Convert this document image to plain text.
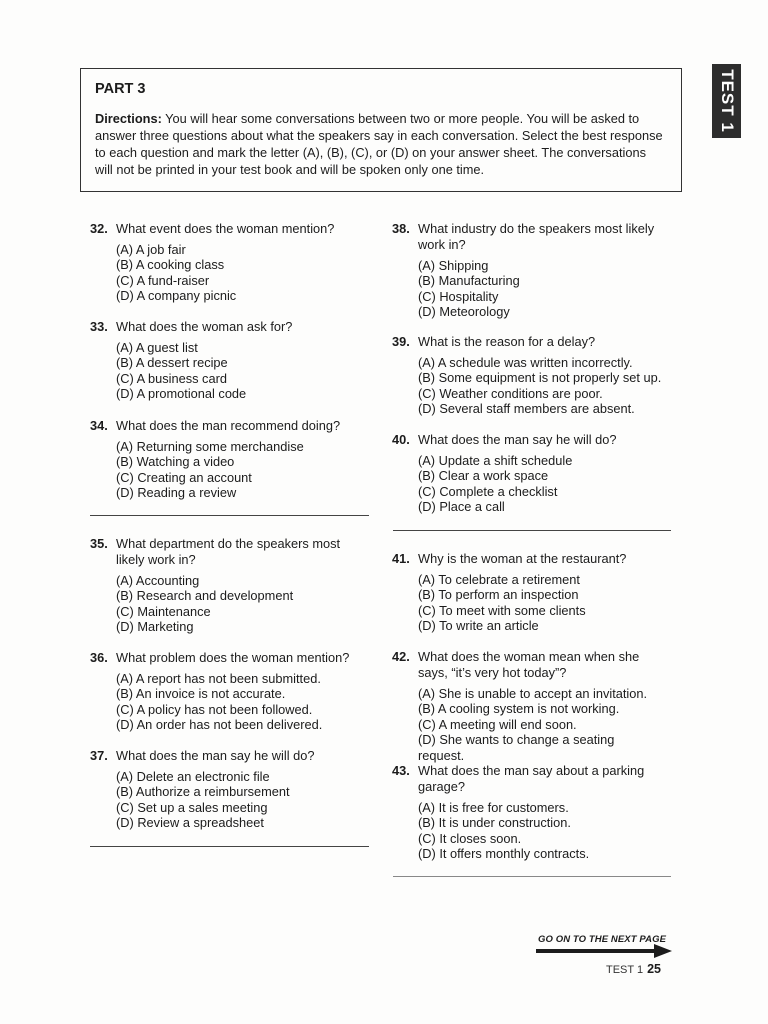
PART 3

Directions: You will hear some conversations between two or more people. You will be asked to answer three questions about what the speakers say in each conversation. Select the best response to each question and mark the letter (A), (B), (C), or (D) on your answer sheet. The conversations will not be printed in your test book and will be spoken only one time.

TEST 1
32. What event does the woman mention?
(A) A job fair
(B) A cooking class
(C) A fund-raiser
(D) A company picnic
33. What does the woman ask for?
(A) A guest list
(B) A dessert recipe
(C) A business card
(D) A promotional code
34. What does the man recommend doing?
(A) Returning some merchandise
(B) Watching a video
(C) Creating an account
(D) Reading a review
35. What department do the speakers most likely work in?
(A) Accounting
(B) Research and development
(C) Maintenance
(D) Marketing
36. What problem does the woman mention?
(A) A report has not been submitted.
(B) An invoice is not accurate.
(C) A policy has not been followed.
(D) An order has not been delivered.
37. What does the man say he will do?
(A) Delete an electronic file
(B) Authorize a reimbursement
(C) Set up a sales meeting
(D) Review a spreadsheet
38. What industry do the speakers most likely work in?
(A) Shipping
(B) Manufacturing
(C) Hospitality
(D) Meteorology
39. What is the reason for a delay?
(A) A schedule was written incorrectly.
(B) Some equipment is not properly set up.
(C) Weather conditions are poor.
(D) Several staff members are absent.
40. What does the man say he will do?
(A) Update a shift schedule
(B) Clear a work space
(C) Complete a checklist
(D) Place a call
41. Why is the woman at the restaurant?
(A) To celebrate a retirement
(B) To perform an inspection
(C) To meet with some clients
(D) To write an article
42. What does the woman mean when she says, “it’s very hot today”?
(A) She is unable to accept an invitation.
(B) A cooling system is not working.
(C) A meeting will end soon.
(D) She wants to change a seating request.
43. What does the man say about a parking garage?
(A) It is free for customers.
(B) It is under construction.
(C) It closes soon.
(D) It offers monthly contracts.
GO ON TO THE NEXT PAGE
TEST 1 25
